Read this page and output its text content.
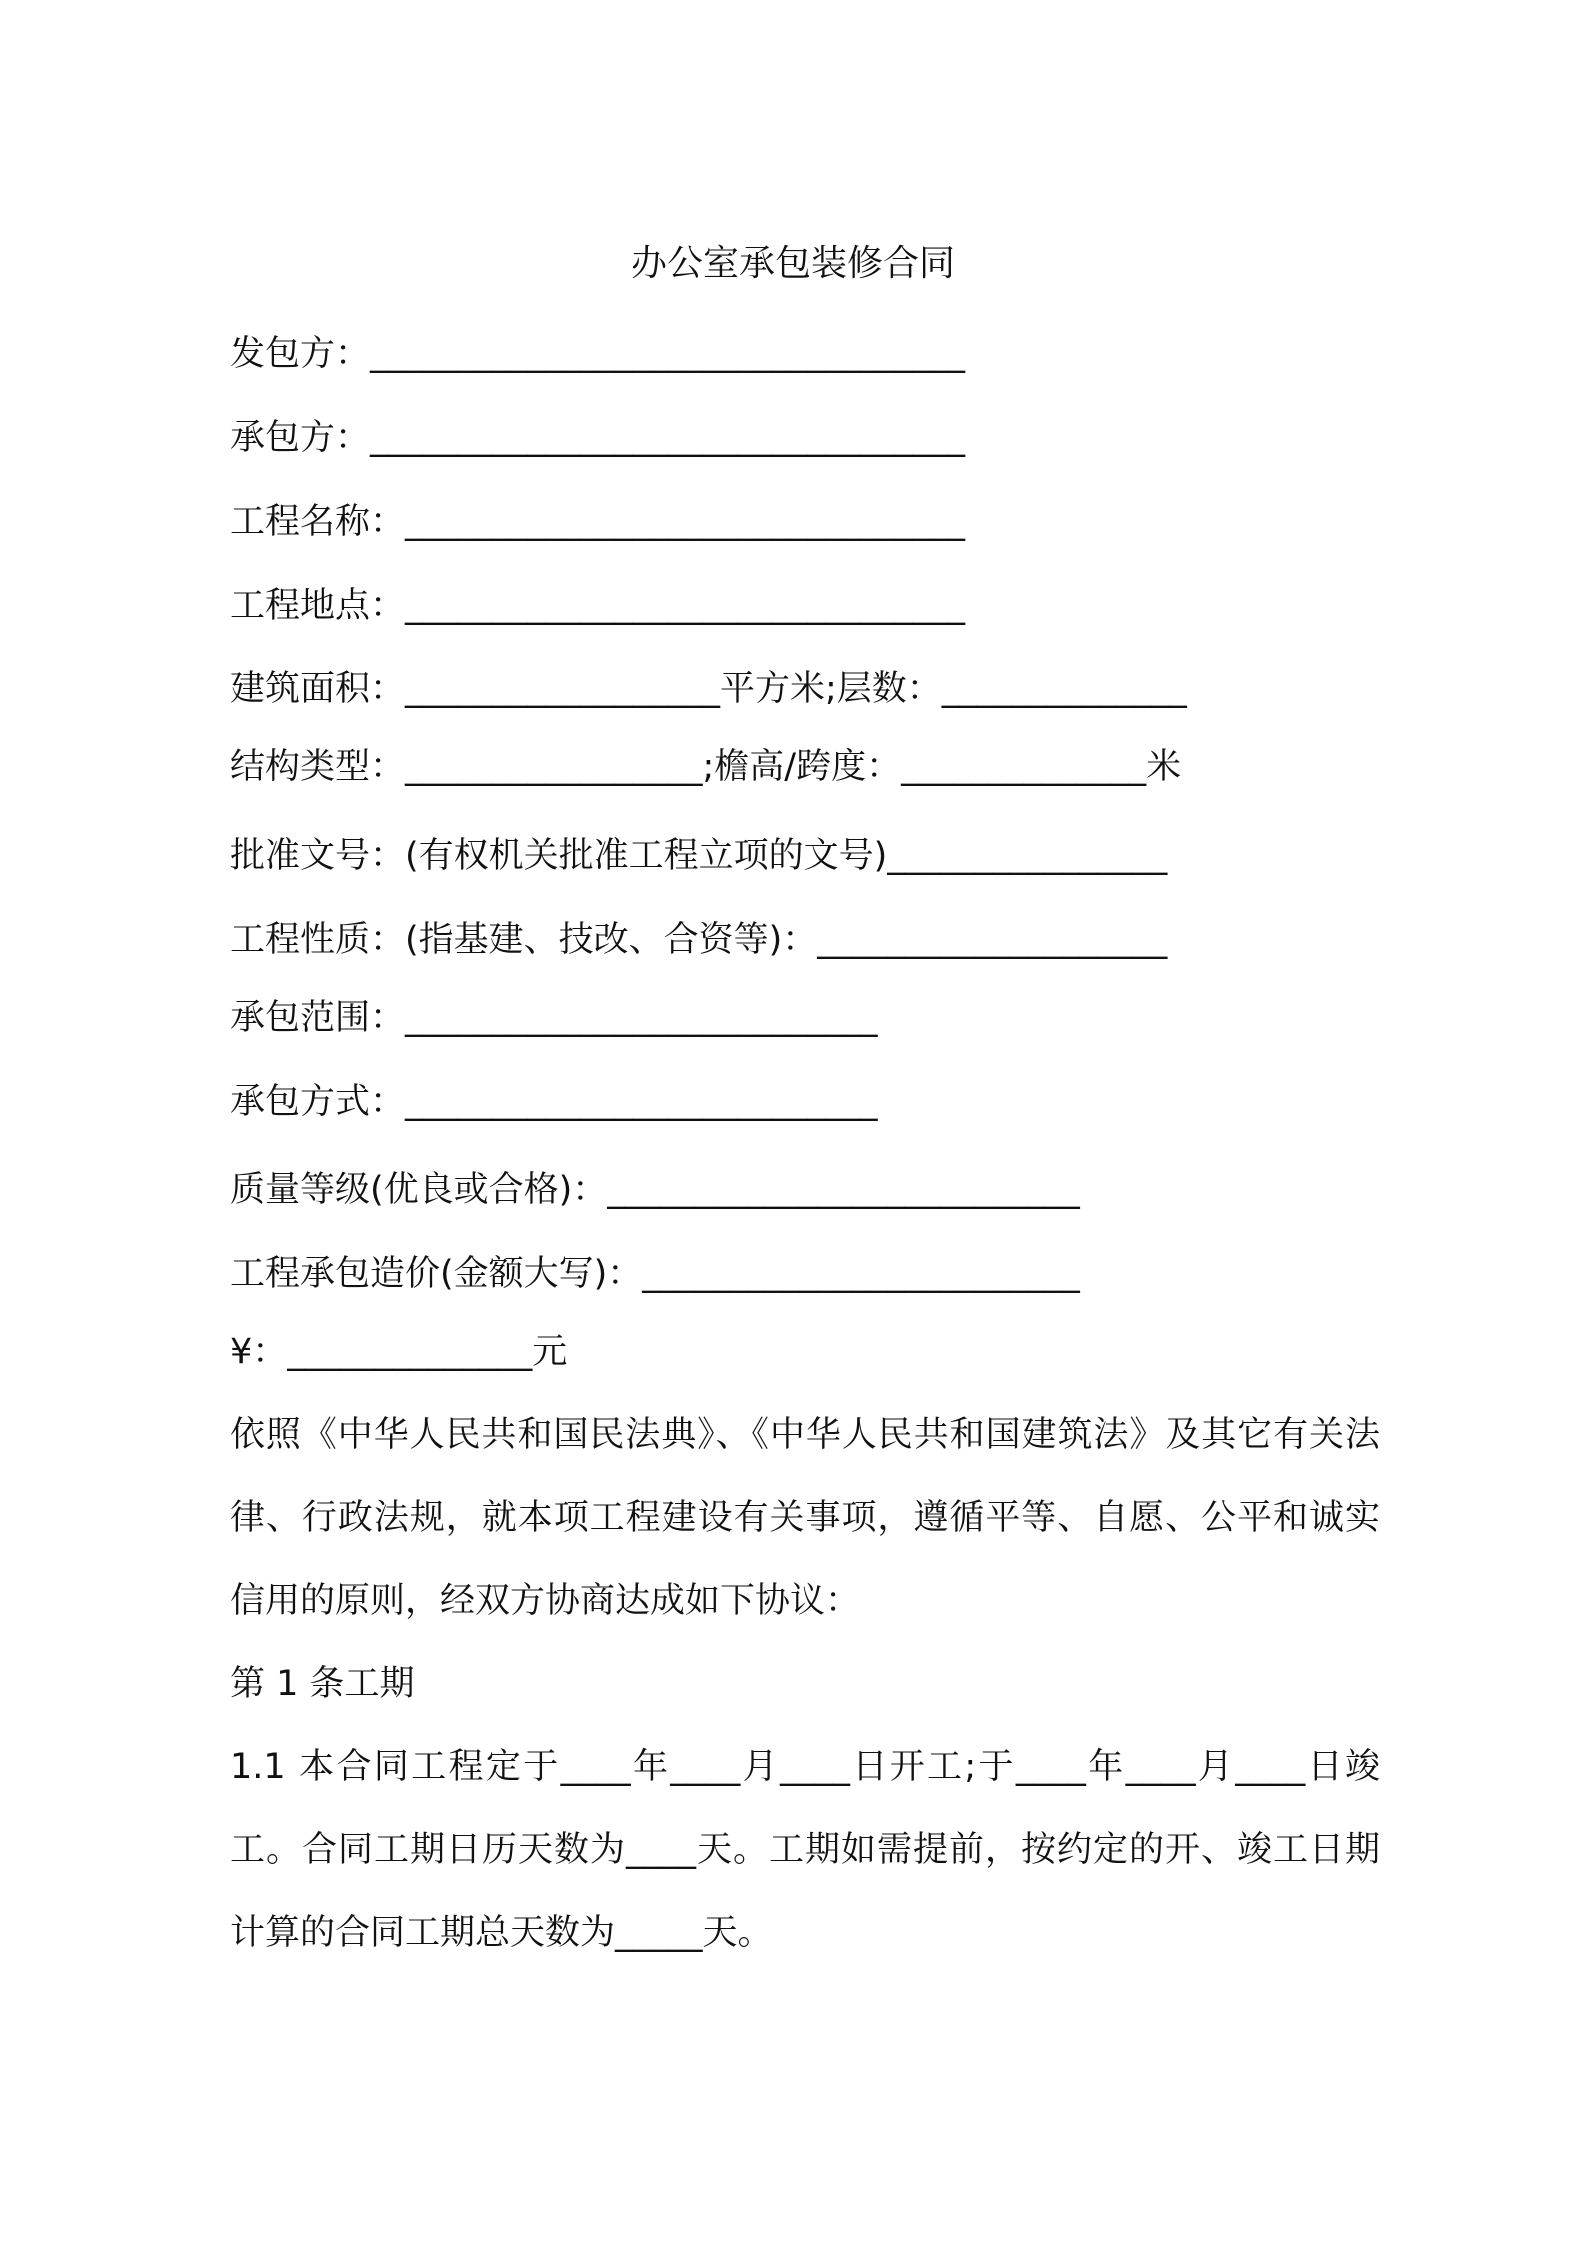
办公室承包装修合同

发包方：__________________________________

承包方：__________________________________

工程名称：________________________________

工程地点：________________________________

建筑面积：__________________平方米;层数：______________

结构类型：_________________;檐高/跨度：______________米

批准文号：(有权机关批准工程立项的文号)________________

工程性质：(指基建、技改、合资等)：____________________

承包范围：___________________________

承包方式：___________________________

质量等级(优良或合格)：___________________________

工程承包造价(金额大写)：_________________________

¥：______________元

依照《中华人民共和国民法典》、《中华人民共和国建筑法》及其它有关法律、行政法规，就本项工程建设有关事项，遵循平等、自愿、公平和诚实信用的原则，经双方协商达成如下协议：

第 1 条工期

1.1 本合同工程定于____年____月____日开工;于____年____月____日竣工。合同工期日历天数为____天。工期如需提前，按约定的开、竣工日期计算的合同工期总天数为_____天。
